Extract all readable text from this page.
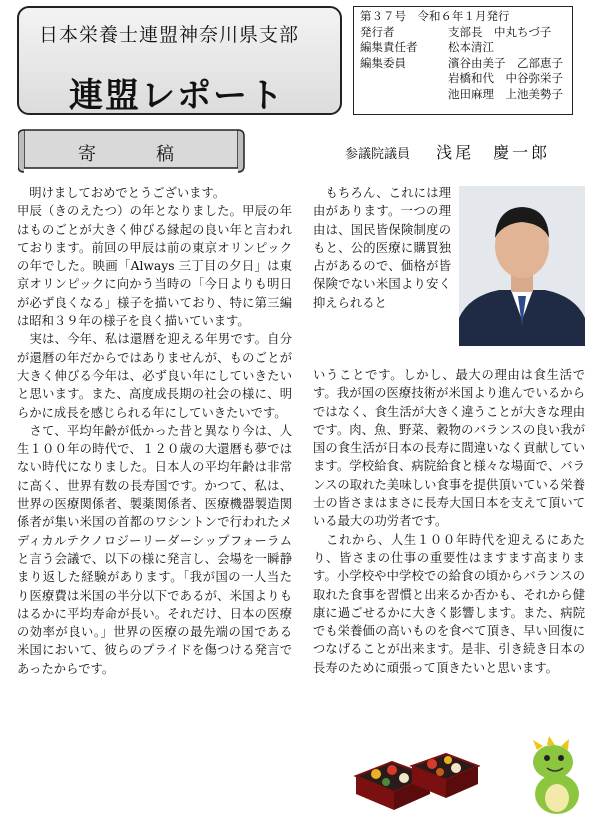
日本栄養士連盟神奈川県支部
連盟レポート
第３７号　令和６年１月発行
発行者	支部長　中丸ちづ子
編集責任者	松本清江
編集委員	濱谷由美子　乙部恵子
岩橋和代　中谷弥栄子
池田麻理　上池美勢子
寄稿	参議院議員 浅尾　慶一郎

　明けましておめでとうございます。

甲辰（きのえたつ）の年となりました。甲辰の年はものごとが大きく伸びる縁起の良い年と言われております。前回の甲辰は前の東京オリンピックの年でした。映画「Always 三丁目の夕日」は東京オリンピックに向かう当時の「今日よりも明日が必ず良くなる」様子を描いており、特に第三編は昭和３９年の様子を良く描いています。

　実は、今年、私は還暦を迎える年男です。自分が還暦の年だからではありませんが、ものごとが大きく伸びる今年は、必ず良い年にしていきたいと思います。また、高度成長期の社会の様に、明らかに成長を感じられる年にしていきたいです。

　さて、平均年齢が低かった昔と異なり今は、人生１００年の時代で、１２０歳の大還暦も夢ではない時代になりました。日本人の平均年齢は非常に高く、世界有数の長寿国です。かつて、私は、世界の医療関係者、製薬関係者、医療機器製造関係者が集い米国の首都のワシントンで行われたメディカルテクノロジーリーダーシップフォーラムと言う会議で、以下の様に発言し、会場を一瞬静まり返した経験があります。「我が国の一人当たり医療費は米国の半分以下であるが、米国よりもはるかに平均寿命が長い。それだけ、日本の医療の効率が良い。」世界の医療の最先端の国である米国において、彼らのプライドを傷つける発言であったからです。

　もちろん、これには理由があります。一つの理由は、国民皆保険制度のもと、公的医療に購買独占があるので、価格が皆保険でない米国より安く抑えられると

いうことです。しかし、最大の理由は食生活です。我が国の医療技術が米国より進んでいるからではなく、食生活が大きく違うことが大きな理由です。肉、魚、野菜、穀物のバランスの良い我が国の食生活が日本の長寿に間違いなく貢献しています。学校給食、病院給食と様々な場面で、バランスの取れた美味しい食事を提供頂いている栄養士の皆さまはまさに長寿大国日本を支えて頂いている最大の功労者です。

　これから、人生１００年時代を迎えるにあたり、皆さまの仕事の重要性はますます高まります。小学校や中学校での給食の頃からバランスの取れた食事を習慣と出来るか否かも、それから健康に過ごせるかに大きく影響します。また、病院でも栄養価の高いものを食べて頂き、早い回復につなげることが出来ます。是非、引き続き日本の長寿のために頑張って頂きたいと思います。
